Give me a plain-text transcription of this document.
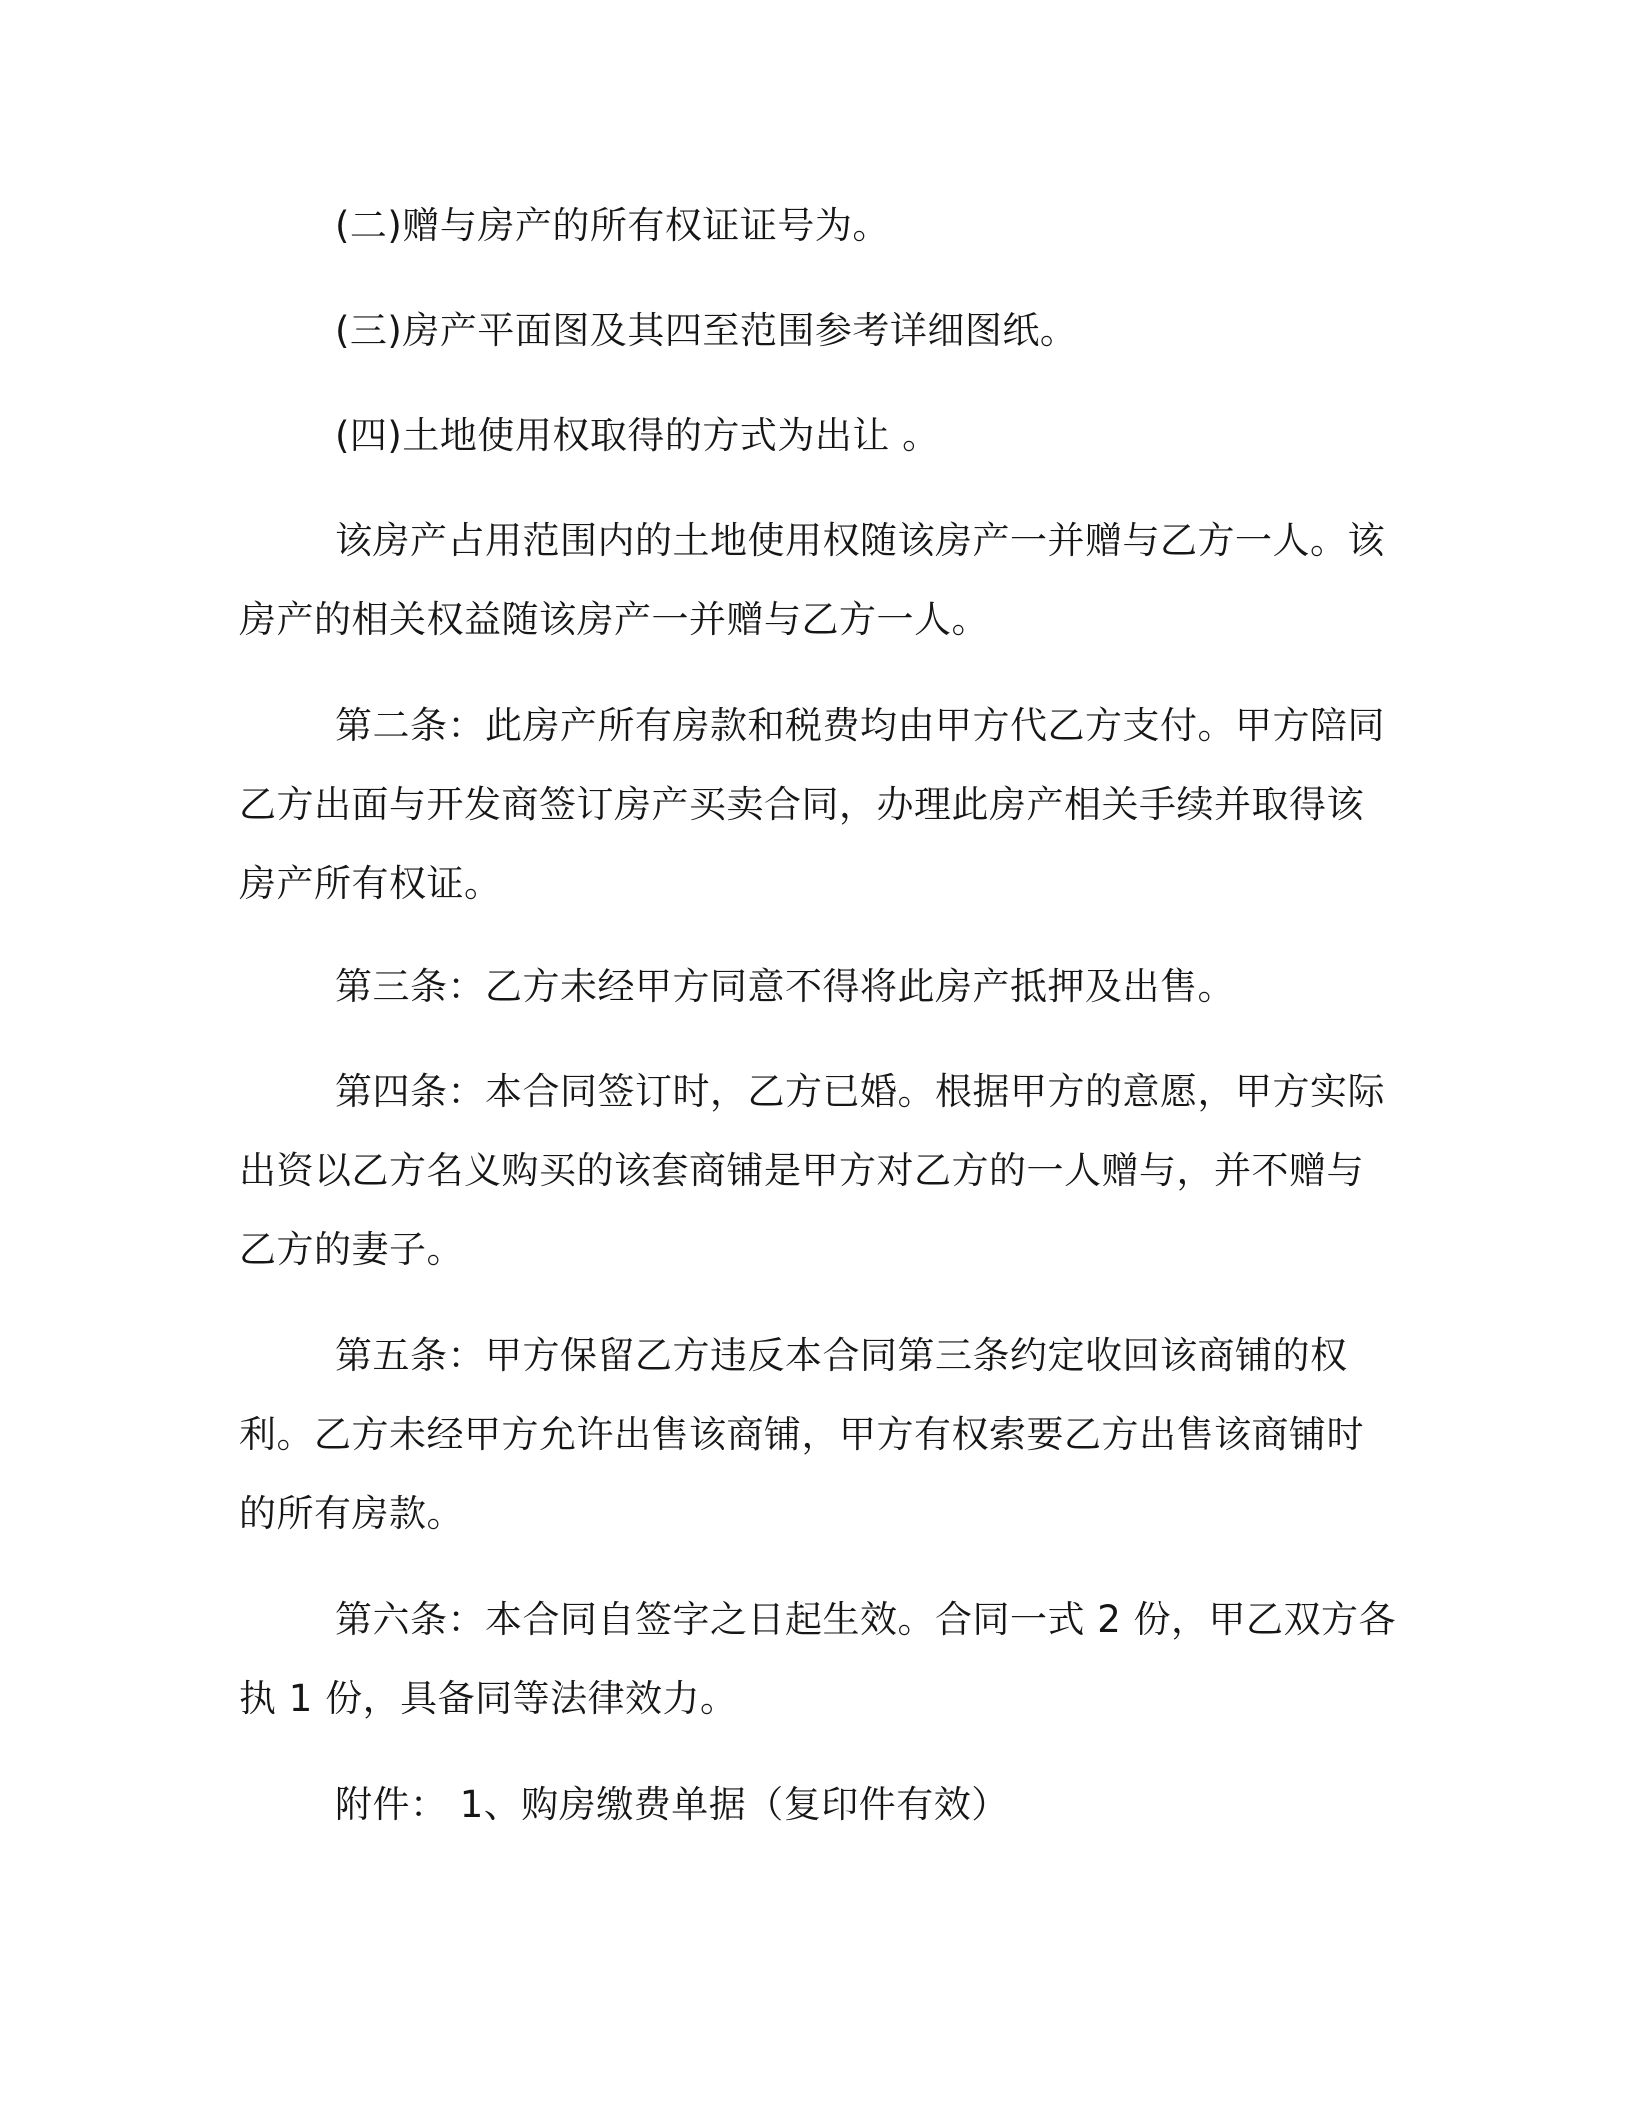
(二)赠与房产的所有权证证号为。

(三)房产平面图及其四至范围参考详细图纸。

(四)土地使用权取得的方式为出让 。

该房产占用范围内的土地使用权随该房产一并赠与乙方一人。该房产的相关权益随该房产一并赠与乙方一人。

第二条：此房产所有房款和税费均由甲方代乙方支付。甲方陪同乙方出面与开发商签订房产买卖合同，办理此房产相关手续并取得该房产所有权证。

第三条：乙方未经甲方同意不得将此房产抵押及出售。

第四条：本合同签订时，乙方已婚。根据甲方的意愿，甲方实际出资以乙方名义购买的该套商铺是甲方对乙方的一人赠与，并不赠与乙方的妻子。

第五条：甲方保留乙方违反本合同第三条约定收回该商铺的权利。乙方未经甲方允许出售该商铺，甲方有权索要乙方出售该商铺时的所有房款。

第六条：本合同自签字之日起生效。合同一式 2 份，甲乙双方各执 1 份，具备同等法律效力。

附件： 1、购房缴费单据（复印件有效）
